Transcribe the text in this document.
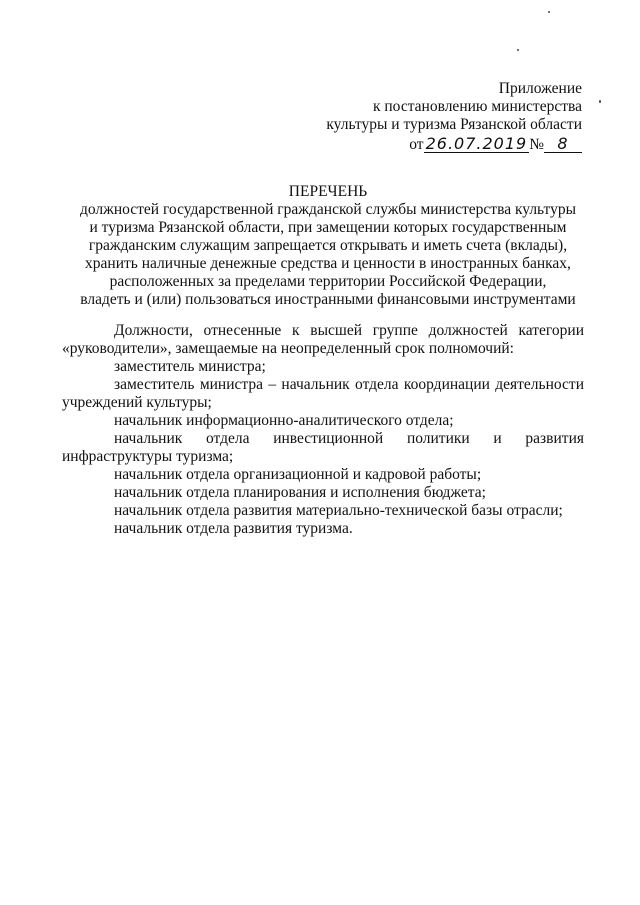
Приложение
к постановлению министерства
культуры и туризма Рязанской области
от 26.07.2019 № 8
ПЕРЕЧЕНЬ
должностей государственной гражданской службы министерства культуры
и туризма Рязанской области, при замещении которых государственным
гражданским служащим запрещается открывать и иметь счета (вклады),
хранить наличные денежные средства и ценности в иностранных банках,
расположенных за пределами территории Российской Федерации,
владеть и (или) пользоваться иностранными финансовыми инструментами
Должности, отнесенные к высшей группе должностей категории
«руководители», замещаемые на неопределенный срок полномочий:
заместитель министра;
заместитель министра – начальник отдела координации деятельности
учреждений культуры;
начальник информационно-аналитического отдела;
начальник отдела инвестиционной политики и развития
инфраструктуры туризма;
начальник отдела организационной и кадровой работы;
начальник отдела планирования и исполнения бюджета;
начальник отдела развития материально-технической базы отрасли;
начальник отдела развития туризма.
